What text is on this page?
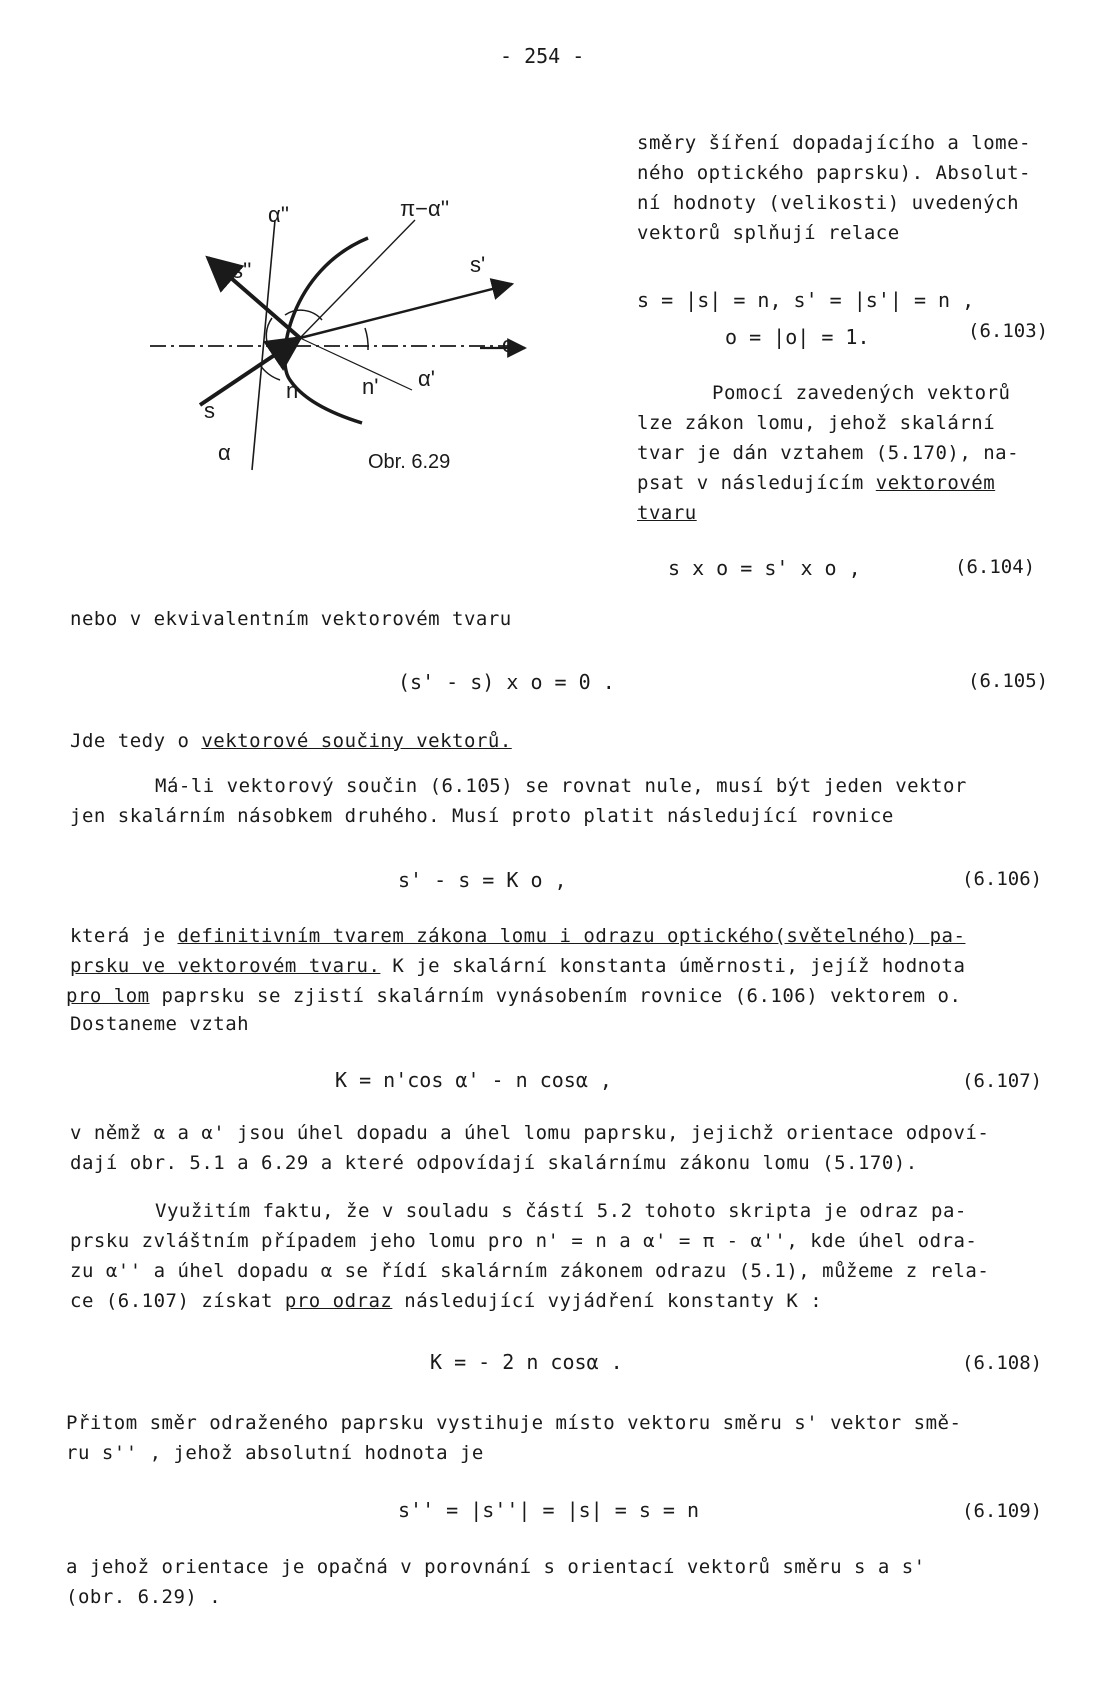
- 254 -
α''	π−α''
s''	s'
o
α'
n	n'
s
α	Obr. 6.29
směry šíření dopadajícího a lome-
ného optického paprsku). Absolut-
ní hodnoty (velikosti) uvedených
vektorů splňují relace
s = |s| = n, s' = |s'| = n ,
o = |o| = 1.	(6.103)
Pomocí zavedených vektorů
lze zákon lomu, jehož skalární
tvar je dán vztahem (5.170), na-
psat v následujícím vektorovém
tvaru
s x o = s' x o ,	(6.104)
nebo v ekvivalentním vektorovém tvaru
(s' - s) x o = 0 .	(6.105)
Jde tedy o vektorové součiny vektorů.
Má-li vektorový součin (6.105) se rovnat nule, musí být jeden vektor
jen skalárním násobkem druhého. Musí proto platit následující rovnice
s' - s = K o ,	(6.106)
která je definitivním tvarem zákona lomu i odrazu optického(světelného) pa-
prsku ve vektorovém tvaru. K je skalární konstanta úměrnosti, jejíž hodnota
pro lom paprsku se zjistí skalárním vynásobením rovnice (6.106) vektorem o.
Dostaneme vztah
K = n'cos α' - n cosα ,	(6.107)
v němž α a α' jsou úhel dopadu a úhel lomu paprsku, jejichž orientace odpoví-
dají obr. 5.1 a 6.29 a které odpovídají skalárnímu zákonu lomu (5.170).
Využitím faktu, že v souladu s částí 5.2 tohoto skripta je odraz pa-
prsku zvláštním případem jeho lomu pro n' = n a α' = π - α'', kde úhel odra-
zu α'' a úhel dopadu α se řídí skalárním zákonem odrazu (5.1), můžeme z rela-
ce (6.107) získat pro odraz následující vyjádření konstanty K :
K = - 2 n cosα .	(6.108)
Přitom směr odraženého paprsku vystihuje místo vektoru směru s' vektor smě-
ru s'' , jehož absolutní hodnota je
s'' = |s''| = |s| = s = n	(6.109)
a jehož orientace je opačná v porovnání s orientací vektorů směru s a s'
(obr. 6.29) .
